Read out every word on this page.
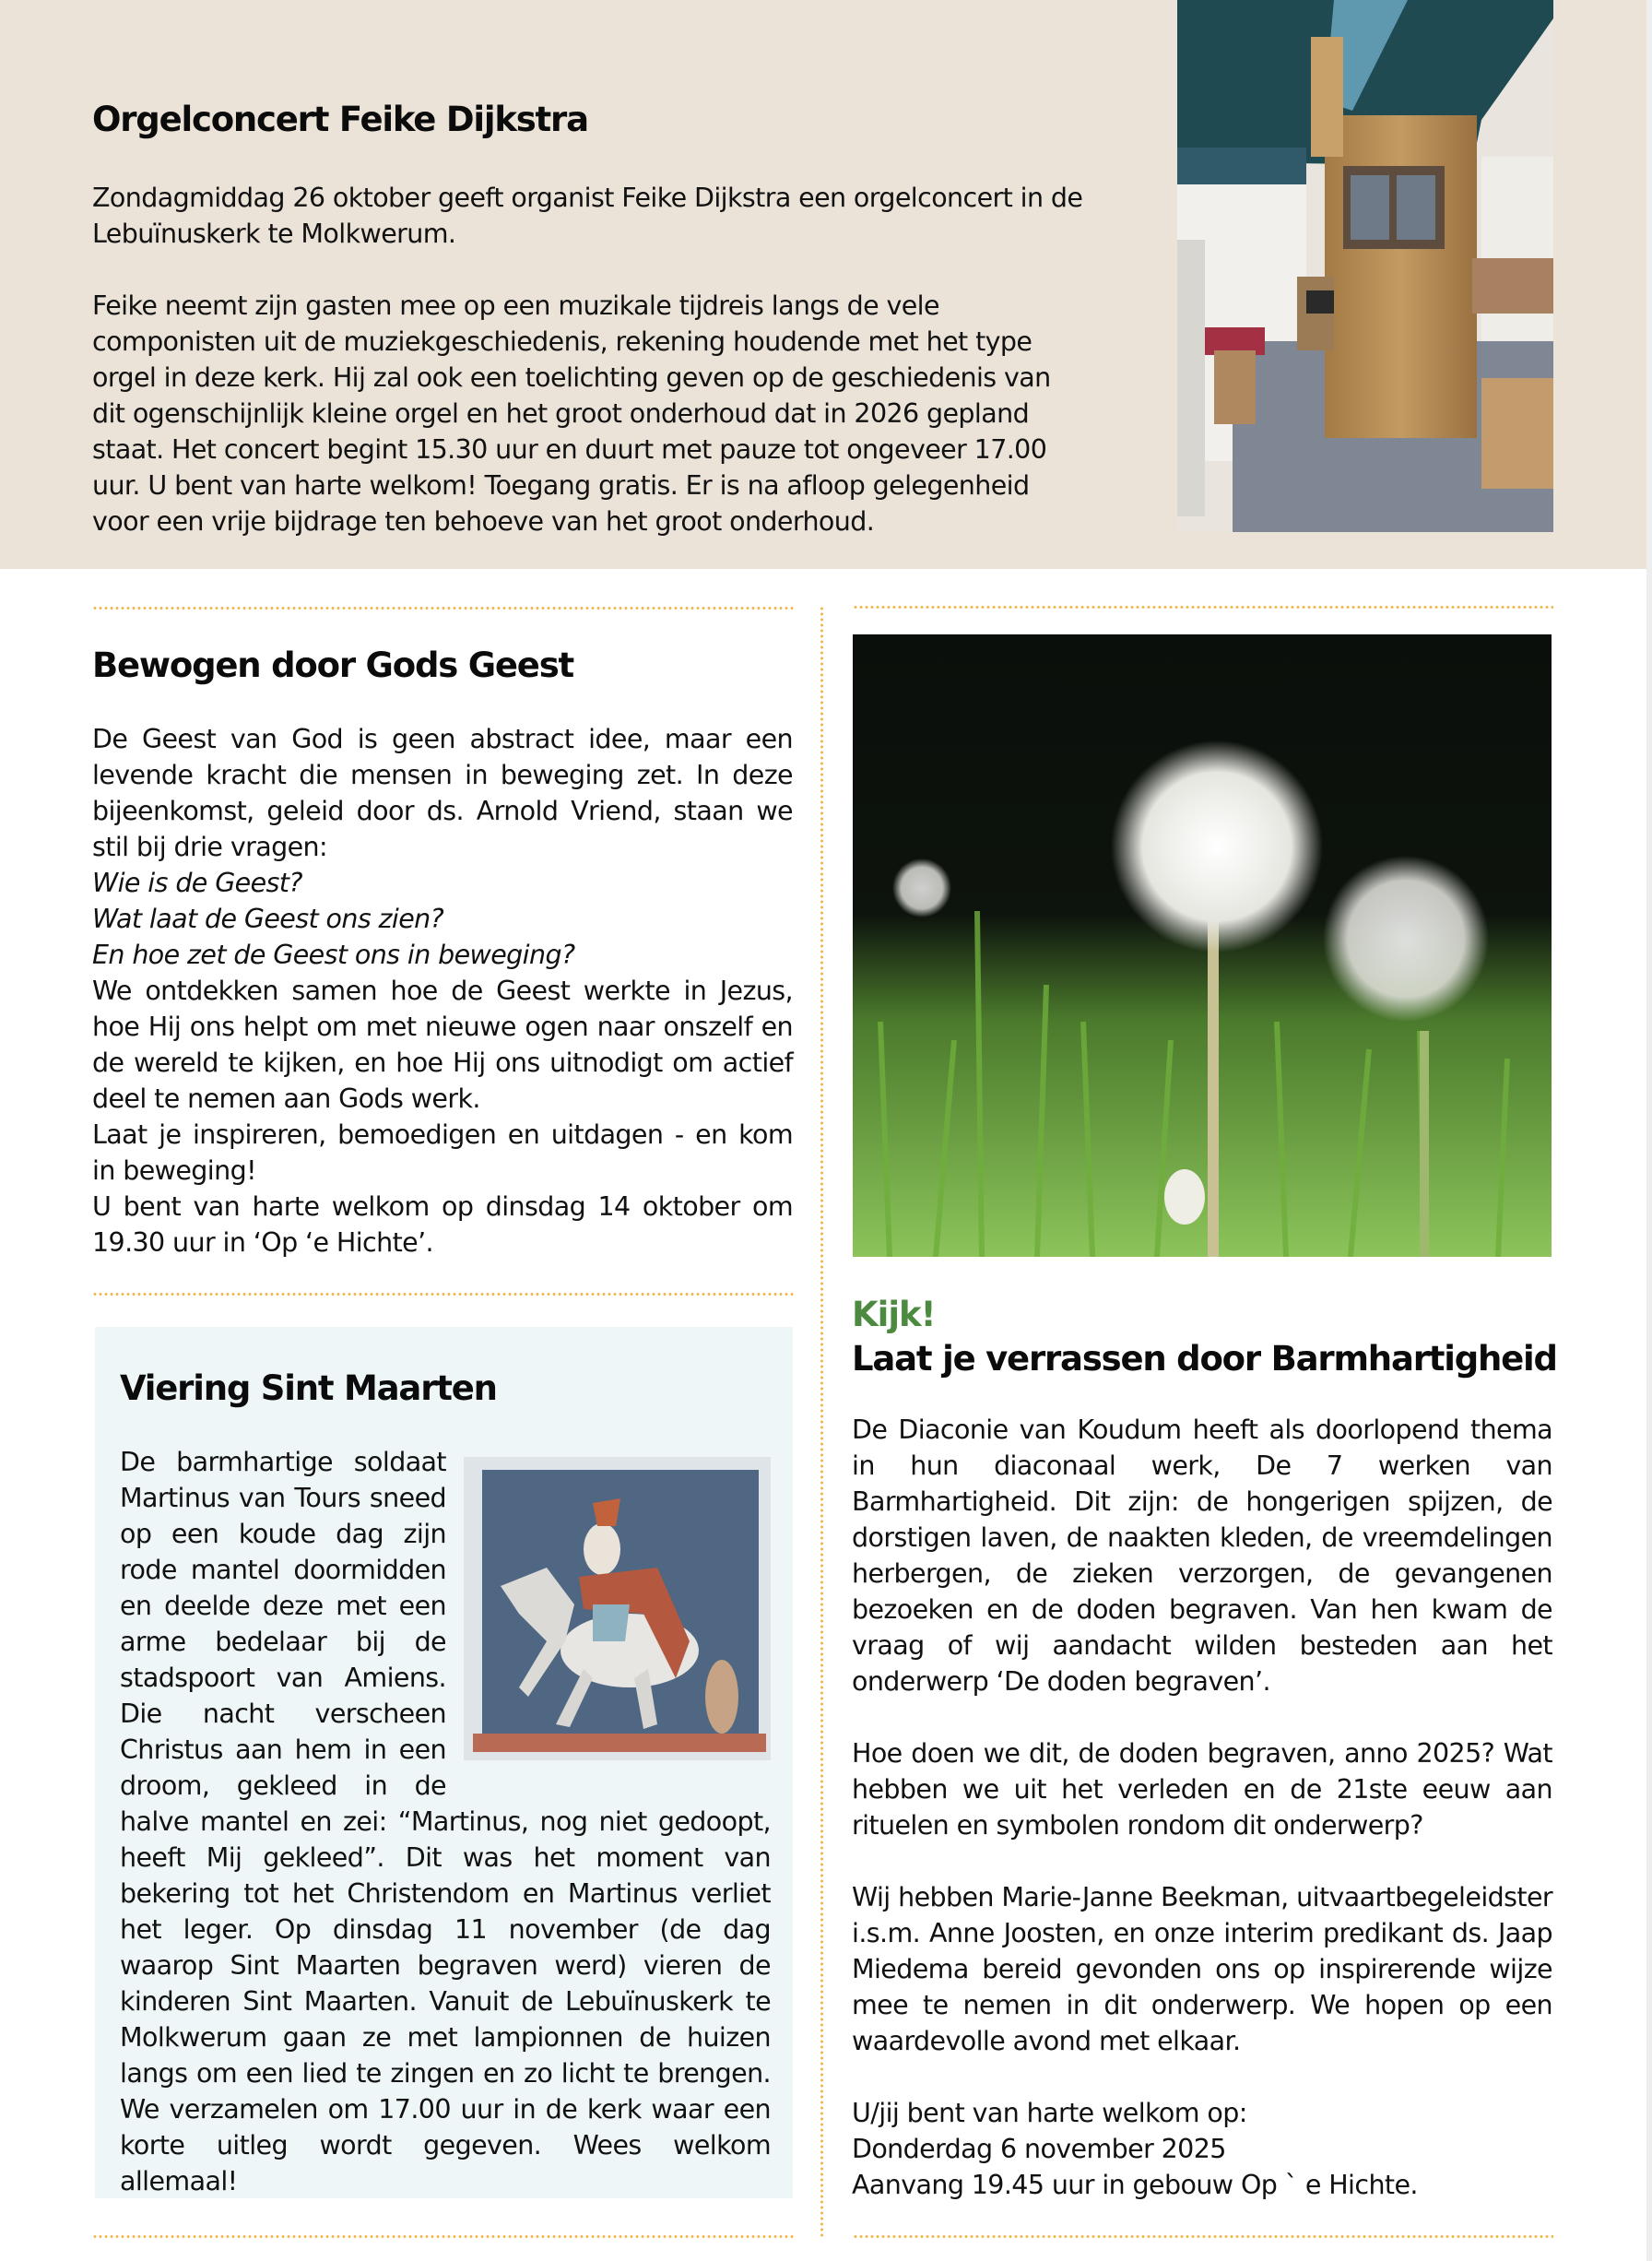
Orgelconcert Feike Dijkstra

Zondagmiddag 26 oktober geeft organist Feike Dijkstra een orgelconcert in de Lebuïnuskerk te Molkwerum.

Feike neemt zijn gasten mee op een muzikale tijdreis langs de vele componisten uit de muziekgeschiedenis, rekening houdende met het type orgel in deze kerk. Hij zal ook een toelichting geven op de geschiedenis van dit ogenschijnlijk kleine orgel en het groot onderhoud dat in 2026 gepland staat. Het concert begint 15.30 uur en duurt met pauze tot ongeveer 17.00 uur. U bent van harte welkom! Toegang gratis. Er is na afloop gelegenheid voor een vrije bijdrage ten behoeve van het groot onderhoud.

Bewogen door Gods Geest

De Geest van God is geen abstract idee, maar een levende kracht die mensen in beweging zet. In deze bijeenkomst, geleid door ds. Arnold Vriend, staan we stil bij drie vragen:

Wie is de Geest?

Wat laat de Geest ons zien?

En hoe zet de Geest ons in beweging?

We ontdekken samen hoe de Geest werkte in Jezus, hoe Hij ons helpt om met nieuwe ogen naar onszelf en de wereld te kijken, en hoe Hij ons uitnodigt om actief deel te nemen aan Gods werk.

Laat je inspireren, bemoedigen en uitdagen - en kom in beweging!

U bent van harte welkom op dinsdag 14 oktober om 19.30 uur in ‘Op ‘e Hichte’.

Viering Sint Maarten

De barmhartige soldaat Martinus van Tours sneed op een koude dag zijn rode mantel doormidden en deelde deze met een arme bedelaar bij de stadspoort van Amiens. Die nacht verscheen Christus aan hem in een droom, gekleed in de halve mantel en zei: “Martinus, nog niet gedoopt, heeft Mij gekleed”. Dit was het moment van bekering tot het Christendom en Martinus verliet het leger. Op dinsdag 11 november (de dag waarop Sint Maarten begraven werd) vieren de kinderen Sint Maarten. Vanuit de Lebuïnuskerk te Molkwerum gaan ze met lampionnen de huizen langs om een lied te zingen en zo licht te brengen. We verzamelen om 17.00 uur in de kerk waar een korte uitleg wordt gegeven. Wees welkom allemaal!

Kijk!
Laat je verrassen door Barmhartigheid

De Diaconie van Koudum heeft als doorlopend thema in hun diaconaal werk, De 7 werken van Barmhartigheid. Dit zijn: de hongerigen spijzen, de dorstigen laven, de naakten kleden, de vreemdelingen herbergen, de zieken verzorgen, de gevangenen bezoeken en de doden begraven. Van hen kwam de vraag of wij aandacht wilden besteden aan het onderwerp ‘De doden begraven’.

Hoe doen we dit, de doden begraven, anno 2025? Wat hebben we uit het verleden en de 21ste eeuw aan rituelen en symbolen rondom dit onderwerp?

Wij hebben Marie-Janne Beekman, uitvaartbegeleidster i.s.m. Anne Joosten, en onze interim predikant ds. Jaap Miedema bereid gevonden ons op inspirerende wijze mee te nemen in dit onderwerp. We hopen op een waardevolle avond met elkaar.

U/jij bent van harte welkom op:

Donderdag 6 november 2025

Aanvang 19.45 uur in gebouw Op ` e Hichte.
